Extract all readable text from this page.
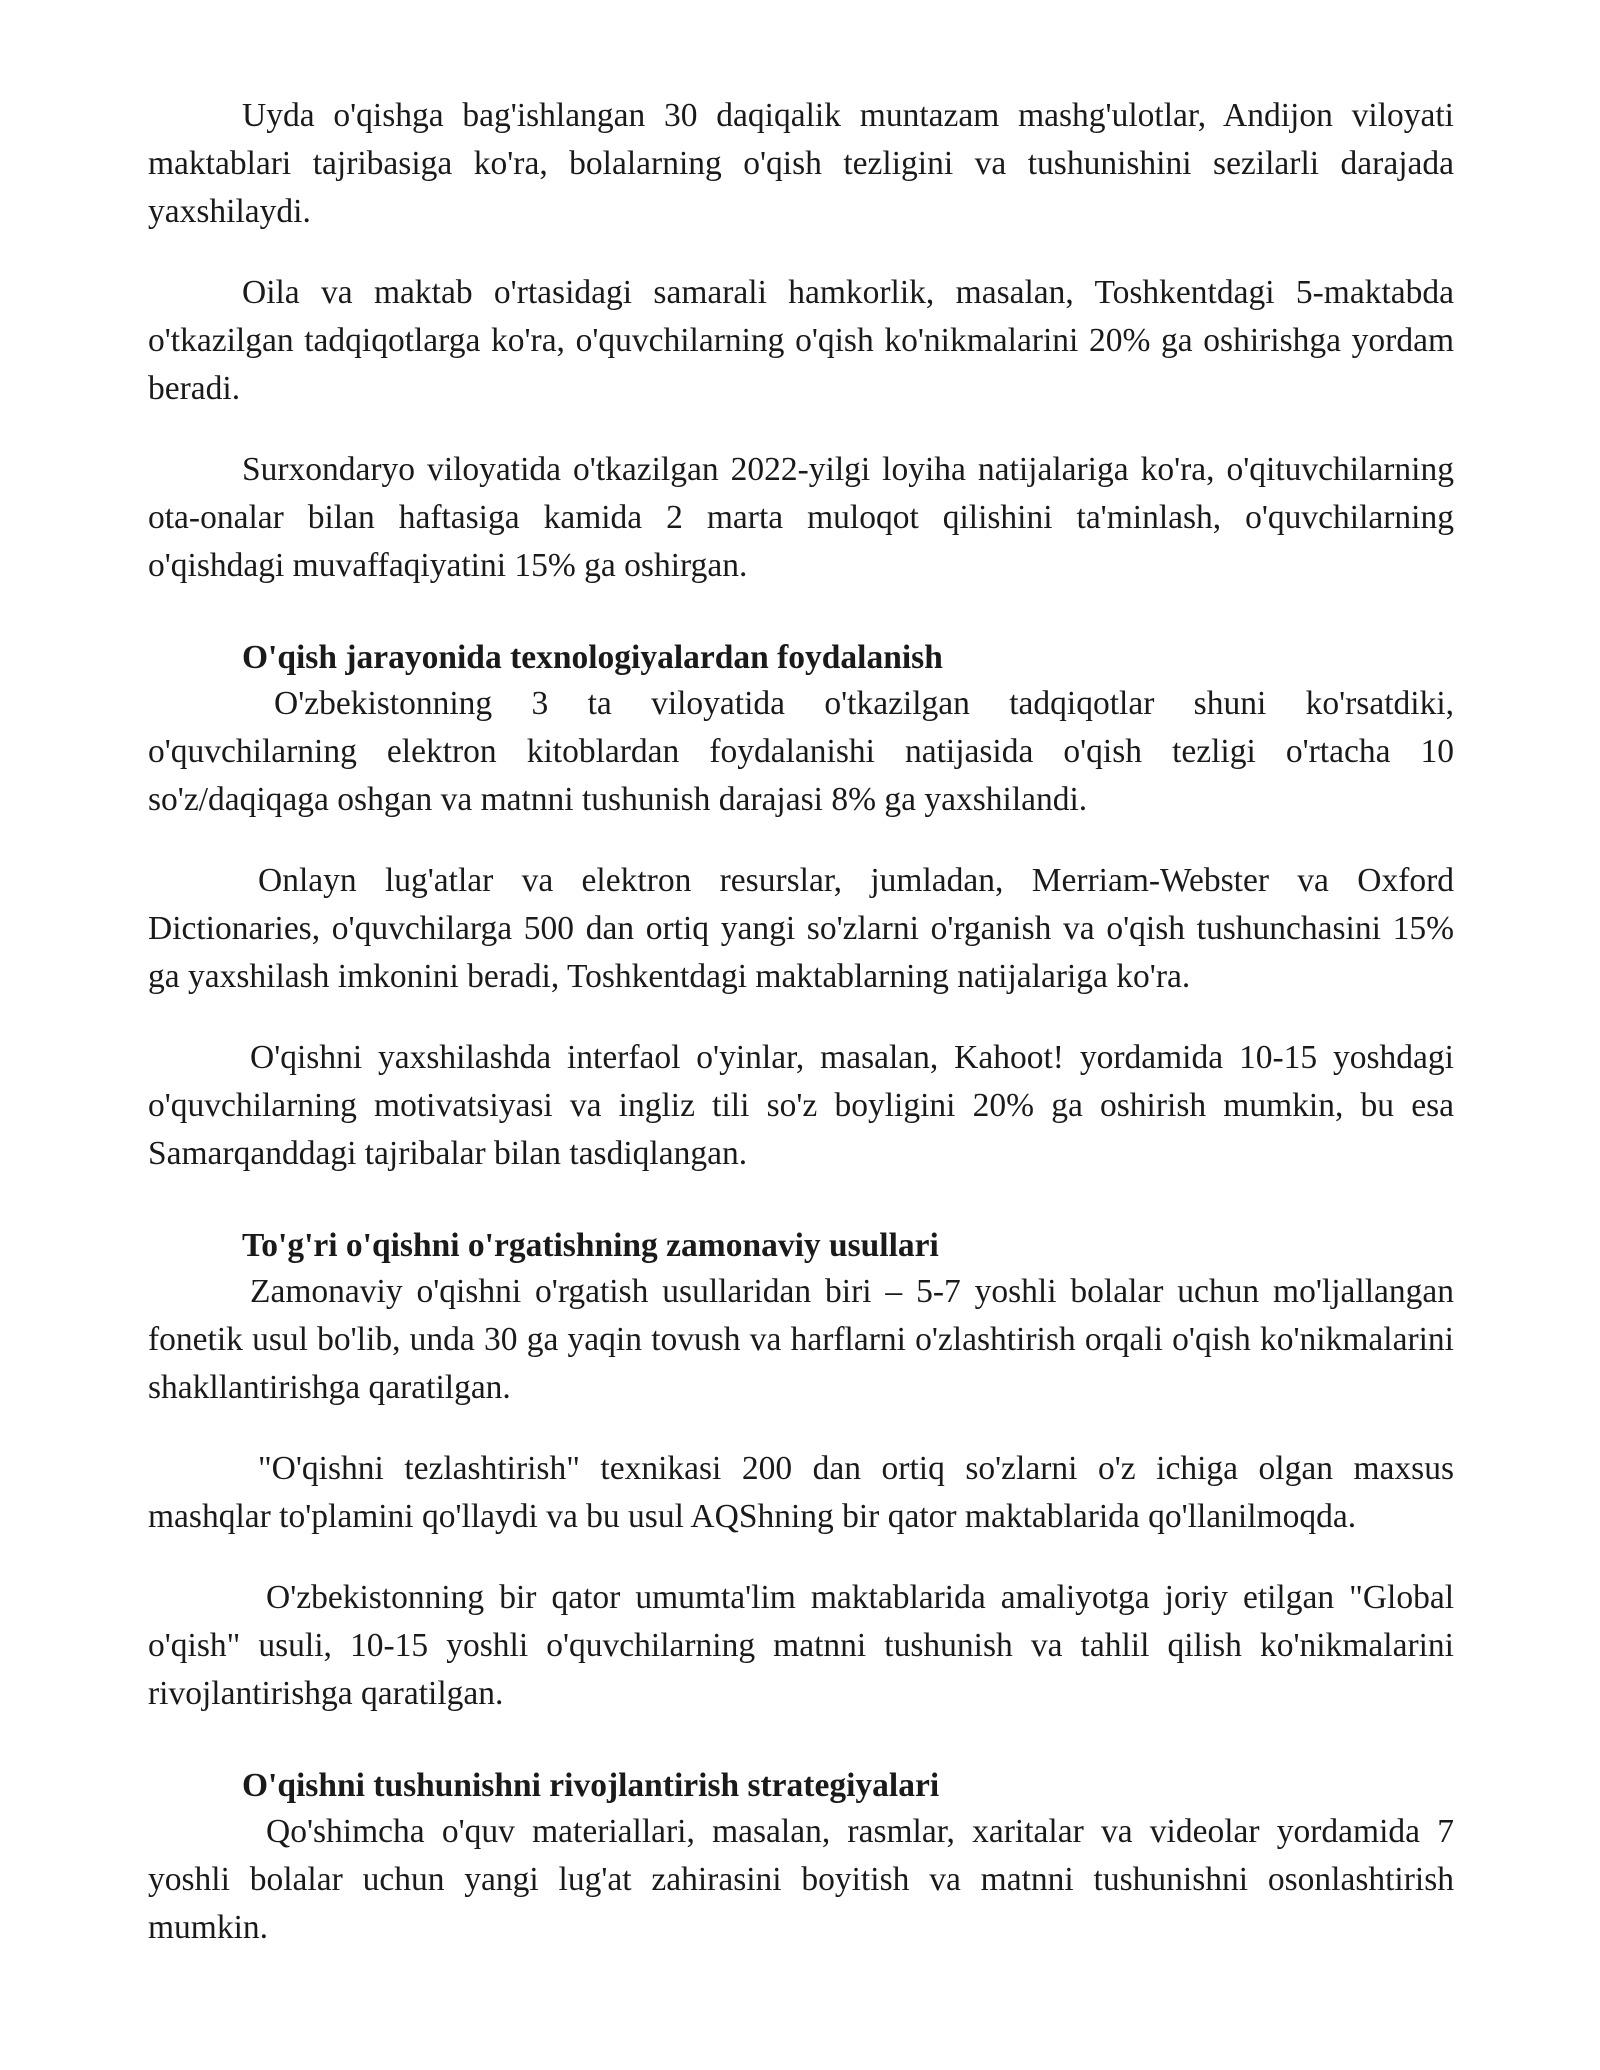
Uyda o'qishga bag'ishlangan 30 daqiqalik muntazam mashg'ulotlar, Andijon viloyati maktablari tajribasiga ko'ra, bolalarning o'qish tezligini va tushunishini sezilarli darajada yaxshilaydi.

Oila va maktab o'rtasidagi samarali hamkorlik, masalan, Toshkentdagi 5-maktabda o'tkazilgan tadqiqotlarga ko'ra, o'quvchilarning o'qish ko'nikmalarini 20% ga oshirishga yordam beradi.

Surxondaryo viloyatida o'tkazilgan 2022-yilgi loyiha natijalariga ko'ra, o'qituvchilarning ota-onalar bilan haftasiga kamida 2 marta muloqot qilishini ta'minlash, o'quvchilarning o'qishdagi muvaffaqiyatini 15% ga oshirgan.

O'qish jarayonida texnologiyalardan foydalanish

O'zbekistonning 3 ta viloyatida o'tkazilgan tadqiqotlar shuni ko'rsatdiki, o'quvchilarning elektron kitoblardan foydalanishi natijasida o'qish tezligi o'rtacha 10 so'z/daqiqaga oshgan va matnni tushunish darajasi 8% ga yaxshilandi.

Onlayn lug'atlar va elektron resurslar, jumladan, Merriam-Webster va Oxford Dictionaries, o'quvchilarga 500 dan ortiq yangi so'zlarni o'rganish va o'qish tushunchasini 15% ga yaxshilash imkonini beradi, Toshkentdagi maktablarning natijalariga ko'ra.

O'qishni yaxshilashda interfaol o'yinlar, masalan, Kahoot! yordamida 10-15 yoshdagi o'quvchilarning motivatsiyasi va ingliz tili so'z boyligini 20% ga oshirish mumkin, bu esa Samarqanddagi tajribalar bilan tasdiqlangan.

To'g'ri o'qishni o'rgatishning zamonaviy usullari

Zamonaviy o'qishni o'rgatish usullaridan biri – 5-7 yoshli bolalar uchun mo'ljallangan fonetik usul bo'lib, unda 30 ga yaqin tovush va harflarni o'zlashtirish orqali o'qish ko'nikmalarini shakllantirishga qaratilgan.

"O'qishni tezlashtirish" texnikasi 200 dan ortiq so'zlarni o'z ichiga olgan maxsus mashqlar to'plamini qo'llaydi va bu usul AQShning bir qator maktablarida qo'llanilmoqda.

O'zbekistonning bir qator umumta'lim maktablarida amaliyotga joriy etilgan "Global o'qish" usuli, 10-15 yoshli o'quvchilarning matnni tushunish va tahlil qilish ko'nikmalarini rivojlantirishga qaratilgan.

O'qishni tushunishni rivojlantirish strategiyalari

Qo'shimcha o'quv materiallari, masalan, rasmlar, xaritalar va videolar yordamida 7 yoshli bolalar uchun yangi lug'at zahirasini boyitish va matnni tushunishni osonlashtirish mumkin.
